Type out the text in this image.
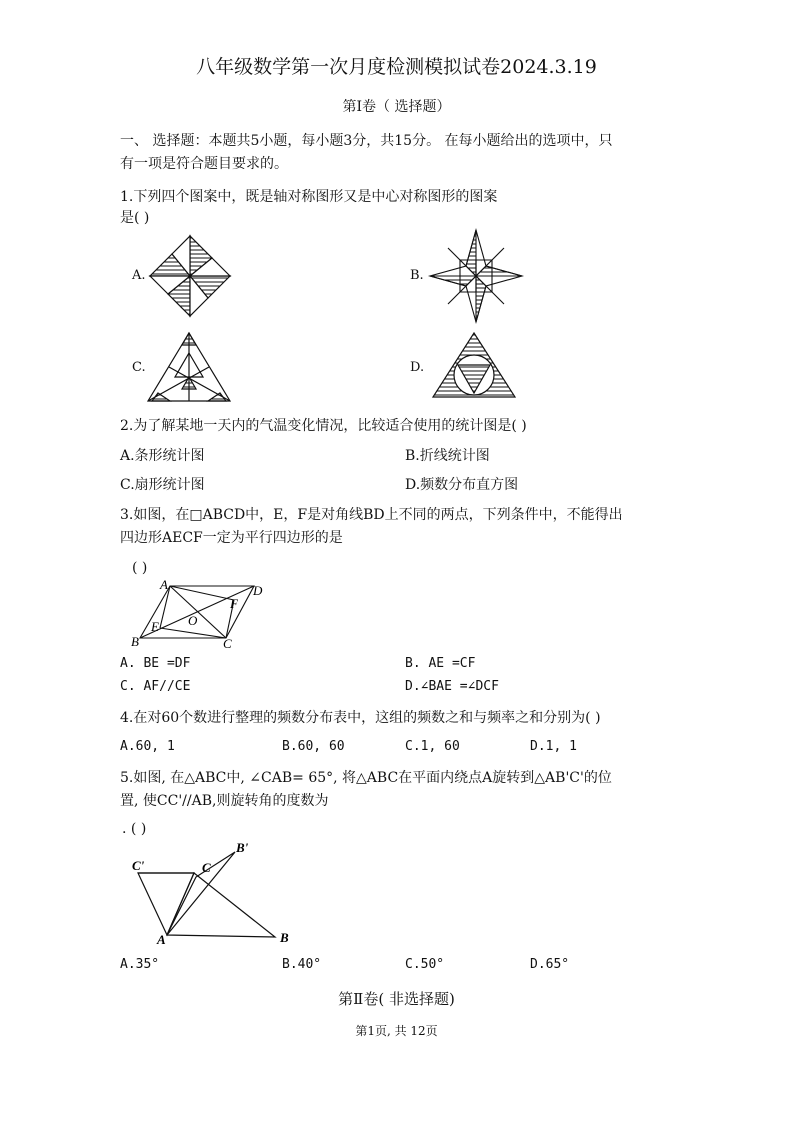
八年级数学第一次月度检测模拟试卷2024.3.19
第Ⅰ卷（ 选择题）
一、 选择题：本题共5小题，每小题3分，共15分。 在每小题给出的选项中，只
有一项是符合题目要求的。
1.下列四个图案中，既是轴对称图形又是中心对称图形的图案
是( )
A.	B.
C.	D.
2.为了解某地一天内的气温变化情况，比较适合使用的统计图是( )
A.条形统计图	B.折线统计图
C.扇形统计图	D.频数分布直方图
3.如图，在□ABCD中，E，F是对角线BD上不同的两点，下列条件中，不能得出
四边形AECF一定为平行四边形的是
( )
A	D
F
O
E
B	C
A. BE =DF	B. AE =CF
C. AF//CE	D.∠BAE =∠DCF
4.在对60个数进行整理的频数分布表中，这组的频数之和与频率之和分别为( )
A.60, 1	B.60, 60	C.1, 60	D.1, 1
5.如图, 在△ABC中, ∠CAB= 65°, 将△ABC在平面内绕点A旋转到△AB'C'的位
置, 使CC'//AB,则旋转角的度数为
. ( )
C'
B'
C
A	B
A.35°	B.40°	C.50°	D.65°
第Ⅱ卷( 非选择题)
第1页, 共 12页
